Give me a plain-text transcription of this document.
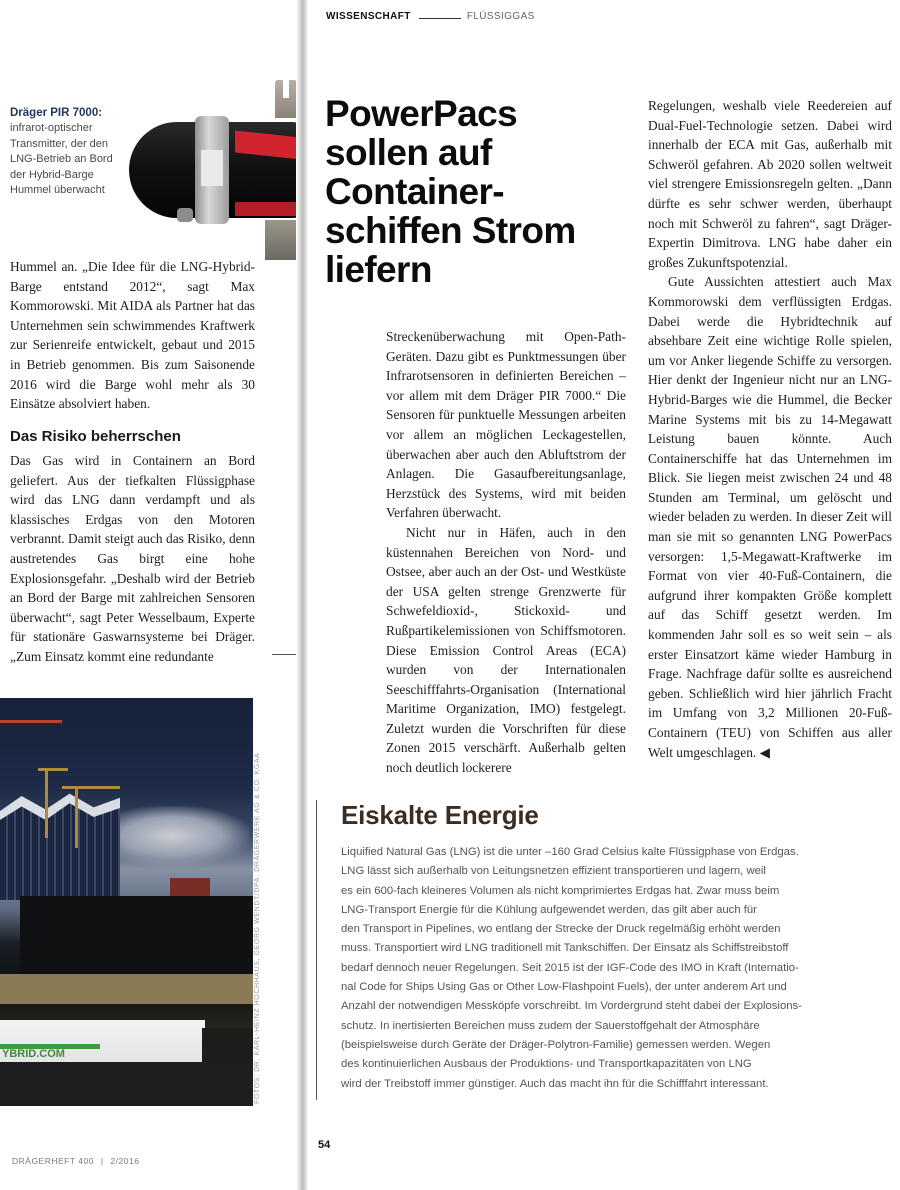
Dräger PIR 7000:
infrarot-optischer Transmitter, der den LNG-Betrieb an Bord der Hybrid-Barge Hummel überwacht

Hummel an. „Die Idee für die LNG-Hybrid-Barge entstand 2012“, sagt Max Kommorowski. Mit AIDA als Partner hat das Unternehmen sein schwimmendes Kraftwerk zur Serienreife entwickelt, gebaut und 2015 in Betrieb genommen. Bis zum Saisonende 2016 wird die Barge wohl mehr als 30 Einsätze absolviert haben.

Das Risiko beherrschen

Das Gas wird in Containern an Bord geliefert. Aus der tiefkalten Flüssigphase wird das LNG dann verdampft und als klassisches Erdgas von den Motoren verbrannt. Damit steigt auch das Risiko, denn austretendes Gas birgt eine hohe Explosionsgefahr. „Deshalb wird der Betrieb an Bord der Barge mit zahlreichen Sensoren überwacht“, sagt Peter Wesselbaum, Experte für stationäre Gaswarnsysteme bei Dräger. „Zum Einsatz kommt eine redundante

YBRID.COM	FOTOS: DR. KARL-HEINZ HOCHHAUS, GEORG WENDT/DPA, DRÄGERWERK AG & CO. KGAA
DRÄGERHEFT 400 | 2/2016
WISSENSCHAFT	FLÜSSIGGAS
PowerPacs sollen auf Container-schiffen Strom liefern

Streckenüberwachung mit Open-Path-Geräten. Dazu gibt es Punktmessungen über Infrarotsensoren in definierten Bereichen – vor allem mit dem Dräger PIR 7000.“ Die Sensoren für punktuelle Messungen arbeiten vor allem an möglichen Leckagestellen, überwachen aber auch den Abluftstrom der Anlagen. Die Gasaufbereitungsanlage, Herzstück des Systems, wird mit beiden Verfahren überwacht.

Nicht nur in Häfen, auch in den küstennahen Bereichen von Nord- und Ostsee, aber auch an der Ost- und Westküste der USA gelten strenge Grenzwerte für Schwefeldioxid-, Stickoxid- und Rußpartikelemissionen von Schiffsmotoren. Diese Emission Control Areas (ECA) wurden von der Internationalen Seeschifffahrts-Organisation (International Maritime Organization, IMO) festgelegt. Zuletzt wurden die Vorschriften für diese Zonen 2015 verschärft. Außerhalb gelten noch deutlich lockerere

Regelungen, weshalb viele Reedereien auf Dual-Fuel-Technologie setzen. Dabei wird innerhalb der ECA mit Gas, außerhalb mit Schweröl gefahren. Ab 2020 sollen weltweit viel strengere Emissionsregeln gelten. „Dann dürfte es sehr schwer werden, überhaupt noch mit Schweröl zu fahren“, sagt Dräger-Expertin Dimitrova. LNG habe daher ein großes Zukunftspotenzial.

Gute Aussichten attestiert auch Max Kommorowski dem verflüssigten Erdgas. Dabei werde die Hybridtechnik auf absehbare Zeit eine wichtige Rolle spielen, um vor Anker liegende Schiffe zu versorgen. Hier denkt der Ingenieur nicht nur an LNG-Hybrid-Barges wie die Hummel, die Becker Marine Systems mit bis zu 14-Megawatt Leistung bauen könnte. Auch Containerschiffe hat das Unternehmen im Blick. Sie liegen meist zwischen 24 und 48 Stunden am Terminal, um gelöscht und wieder beladen zu werden. In dieser Zeit will man sie mit so genannten LNG PowerPacs versorgen: 1,5-Megawatt-Kraftwerke im Format von vier 40-Fuß-Containern, die aufgrund ihrer kompakten Größe komplett auf das Schiff gesetzt werden. Im kommenden Jahr soll es so weit sein – als erster Einsatzort käme wieder Hamburg in Frage. Nachfrage dafür sollte es ausreichend geben. Schließlich wird hier jährlich Fracht im Umfang von 3,2 Millionen 20-Fuß-Containern (TEU) von Schiffen aus aller Welt umgeschlagen. ◀

Eiskalte Energie
Liquified Natural Gas (LNG) ist die unter –160 Grad Celsius kalte Flüssigphase von Erdgas.
LNG lässt sich außerhalb von Leitungsnetzen effizient transportieren und lagern, weil
es ein 600-fach kleineres Volumen als nicht komprimiertes Erdgas hat. Zwar muss beim
LNG-Transport Energie für die Kühlung aufgewendet werden, das gilt aber auch für
den Transport in Pipelines, wo entlang der Strecke der Druck regelmäßig erhöht werden
muss. Transportiert wird LNG traditionell mit Tankschiffen. Der Einsatz als Schiffstreibstoff
bedarf dennoch neuer Regelungen. Seit 2015 ist der IGF-Code des IMO in Kraft (Internatio-
nal Code for Ships Using Gas or Other Low-Flashpoint Fuels), der unter anderem Art und
Anzahl der notwendigen Messköpfe vorschreibt. Im Vordergrund steht dabei der Explosions-
schutz. In inertisierten Bereichen muss zudem der Sauerstoffgehalt der Atmosphäre
(beispielsweise durch Geräte der Dräger-Polytron-Familie) gemessen werden. Wegen
des kontinuierlichen Ausbaus der Produktions- und Transportkapazitäten von LNG
wird der Treibstoff immer günstiger. Auch das macht ihn für die Schifffahrt interessant.
54
